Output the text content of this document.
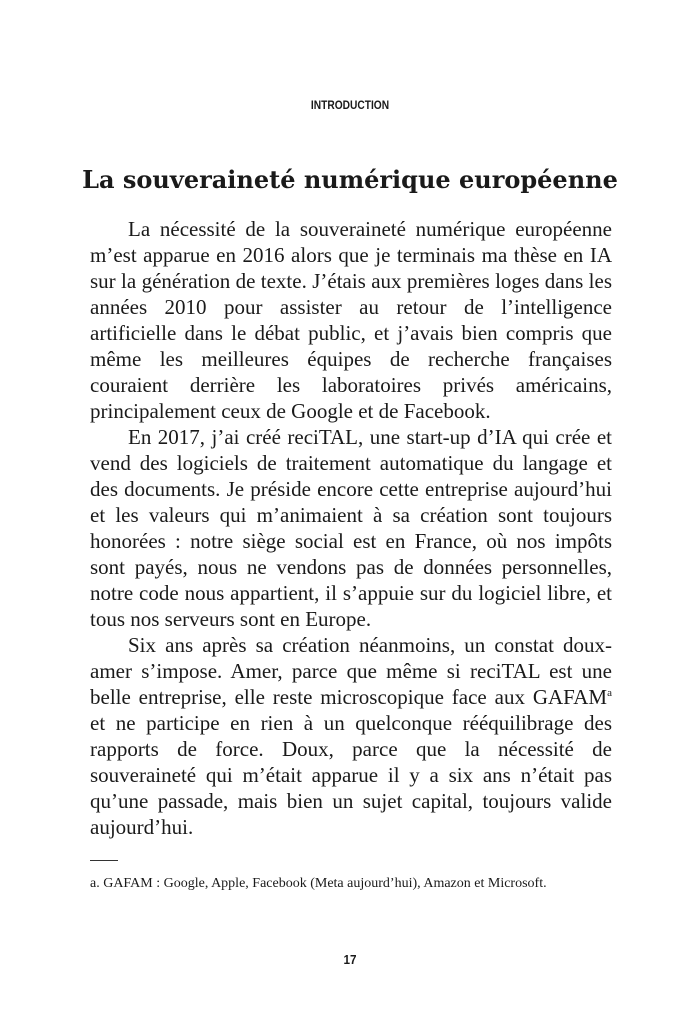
INTRODUCTION
La souveraineté numérique européenne

La nécessité de la souveraineté numérique européenne m’est apparue en 2016 alors que je terminais ma thèse en IA sur la génération de texte. J’étais aux premières loges dans les années 2010 pour assister au retour de l’intelligence artificielle dans le débat public, et j’avais bien compris que même les meilleures équipes de recherche françaises couraient derrière les laboratoires privés américains, principalement ceux de Google et de Facebook.

En 2017, j’ai créé reciTAL, une start-up d’IA qui crée et vend des logiciels de traitement automatique du langage et des documents. Je préside encore cette entreprise aujourd’hui et les valeurs qui m’animaient à sa création sont toujours honorées : notre siège social est en France, où nos impôts sont payés, nous ne vendons pas de données personnelles, notre code nous appartient, il s’appuie sur du logiciel libre, et tous nos serveurs sont en Europe.

Six ans après sa création néanmoins, un constat doux-amer s’impose. Amer, parce que même si reciTAL est une belle entreprise, elle reste microscopique face aux GAFAM$^a$ et ne participe en rien à un quelconque rééquilibrage des rapports de force. Doux, parce que la nécessité de souveraineté qui m’était apparue il y a six ans n’était pas qu’une passade, mais bien un sujet capital, toujours valide aujourd’hui.

a. GAFAM : Google, Apple, Facebook (Meta aujourd’hui), Amazon et Microsoft.
17
